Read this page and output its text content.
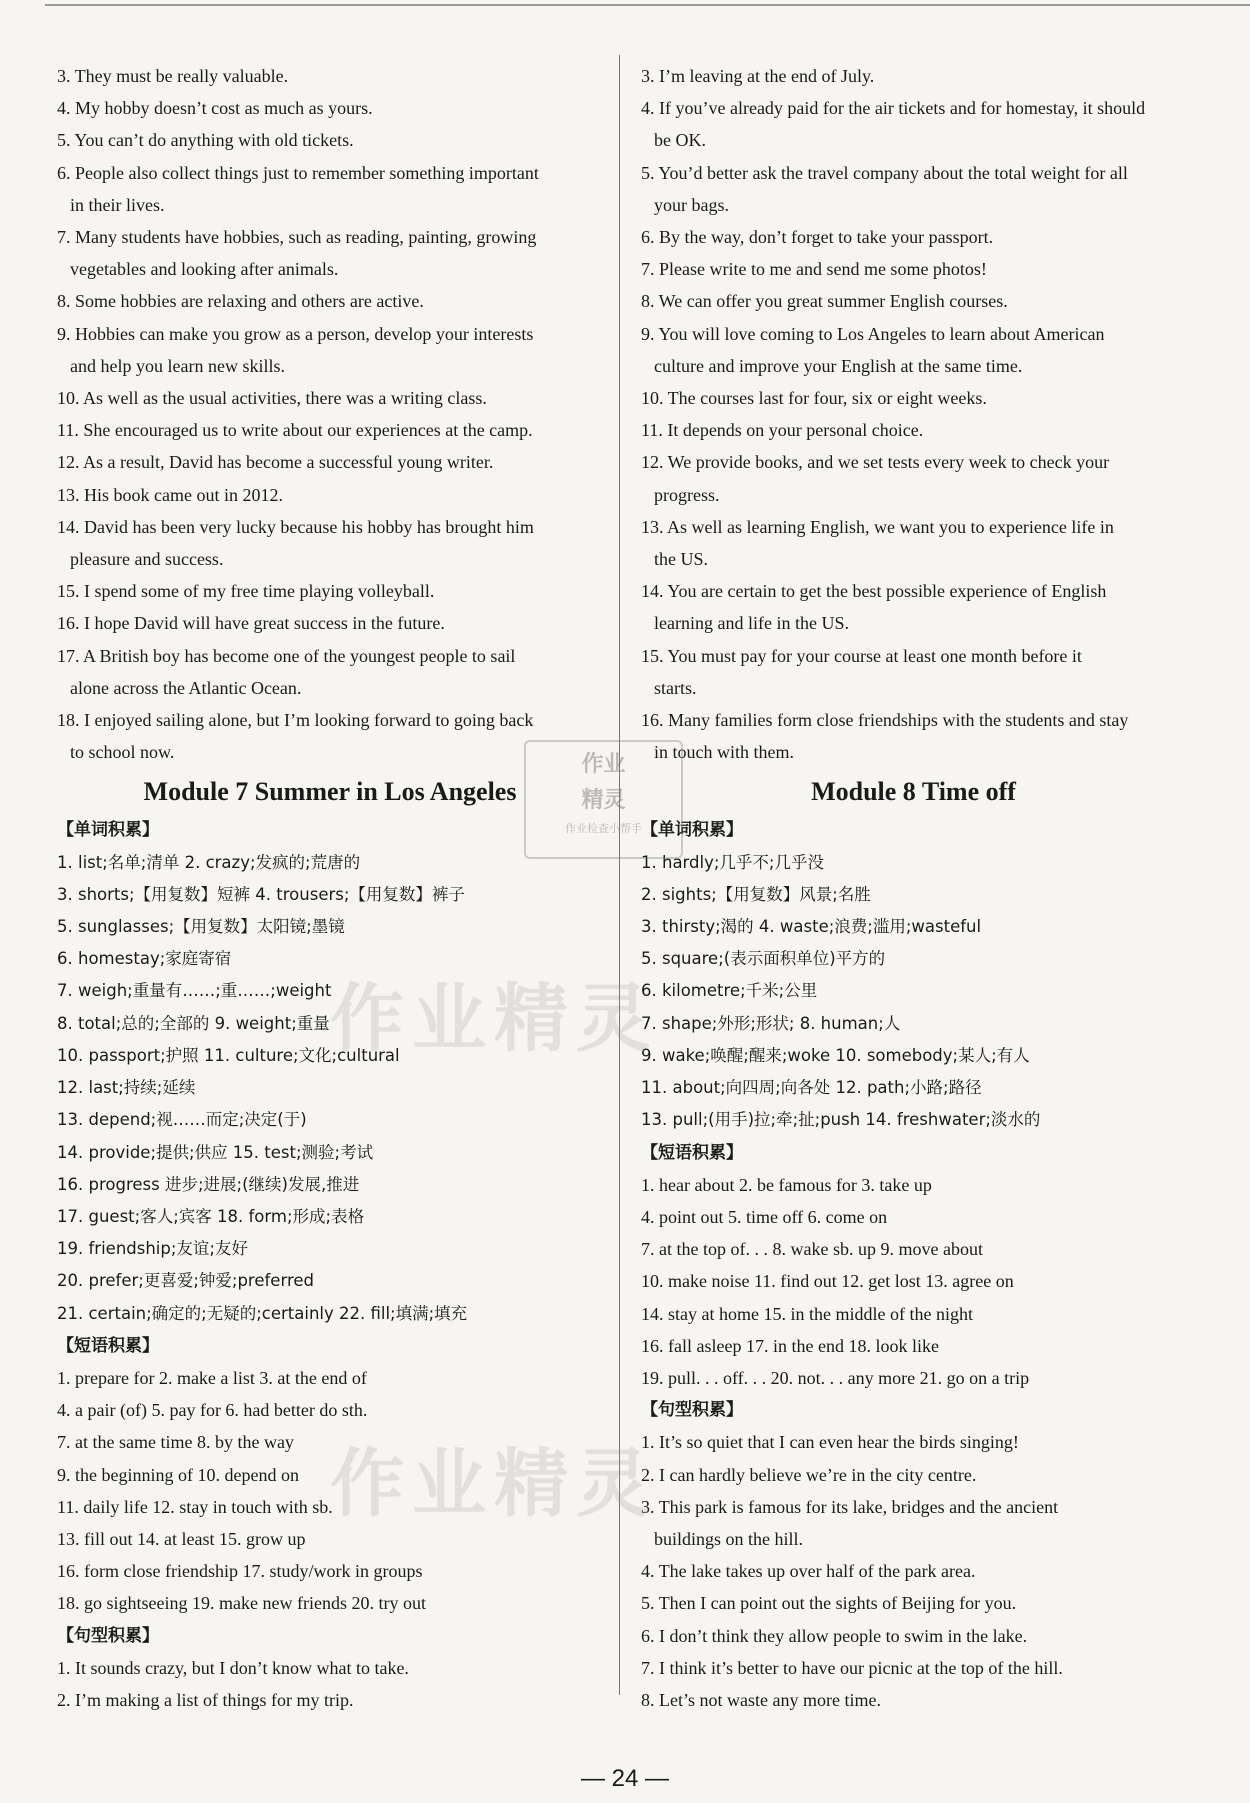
3. They must be really valuable.
4. My hobby doesn’t cost as much as yours.
5. You can’t do anything with old tickets.
6. People also collect things just to remember something important
in their lives.
7. Many students have hobbies, such as reading, painting, growing
vegetables and looking after animals.
8. Some hobbies are relaxing and others are active.
9. Hobbies can make you grow as a person, develop your interests
and help you learn new skills.
10. As well as the usual activities, there was a writing class.
11. She encouraged us to write about our experiences at the camp.
12. As a result, David has become a successful young writer.
13. His book came out in 2012.
14. David has been very lucky because his hobby has brought him
pleasure and success.
15. I spend some of my free time playing volleyball.
16. I hope David will have great success in the future.
17. A British boy has become one of the youngest people to sail
alone across the Atlantic Ocean.
18. I enjoyed sailing alone, but I’m looking forward to going back
to school now.
Module 7 Summer in Los Angeles
【单词积累】
1. list;名单;清单 2. crazy;发疯的;荒唐的
3. shorts;【用复数】短裤 4. trousers;【用复数】裤子
5. sunglasses;【用复数】太阳镜;墨镜
6. homestay;家庭寄宿
7. weigh;重量有……;重……;weight
8. total;总的;全部的 9. weight;重量
10. passport;护照 11. culture;文化;cultural
12. last;持续;延续
13. depend;视……而定;决定(于)
14. provide;提供;供应 15. test;测验;考试
16. progress 进步;进展;(继续)发展,推进
17. guest;客人;宾客 18. form;形成;表格
19. friendship;友谊;友好
20. prefer;更喜爱;钟爱;preferred
21. certain;确定的;无疑的;certainly 22. fill;填满;填充
【短语积累】
1. prepare for 2. make a list 3. at the end of
4. a pair (of) 5. pay for 6. had better do sth.
7. at the same time 8. by the way
9. the beginning of 10. depend on
11. daily life 12. stay in touch with sb.
13. fill out 14. at least 15. grow up
16. form close friendship 17. study/work in groups
18. go sightseeing 19. make new friends 20. try out
【句型积累】
1. It sounds crazy, but I don’t know what to take.
2. I’m making a list of things for my trip.
3. I’m leaving at the end of July.
4. If you’ve already paid for the air tickets and for homestay, it should
be OK.
5. You’d better ask the travel company about the total weight for all
your bags.
6. By the way, don’t forget to take your passport.
7. Please write to me and send me some photos!
8. We can offer you great summer English courses.
9. You will love coming to Los Angeles to learn about American
culture and improve your English at the same time.
10. The courses last for four, six or eight weeks.
11. It depends on your personal choice.
12. We provide books, and we set tests every week to check your
progress.
13. As well as learning English, we want you to experience life in
the US.
14. You are certain to get the best possible experience of English
learning and life in the US.
15. You must pay for your course at least one month before it
starts.
16. Many families form close friendships with the students and stay
in touch with them.
Module 8 Time off
【单词积累】
1. hardly;几乎不;几乎没
2. sights;【用复数】风景;名胜
3. thirsty;渴的 4. waste;浪费;滥用;wasteful
5. square;(表示面积单位)平方的
6. kilometre;千米;公里
7. shape;外形;形状; 8. human;人
9. wake;唤醒;醒来;woke 10. somebody;某人;有人
11. about;向四周;向各处 12. path;小路;路径
13. pull;(用手)拉;牵;扯;push 14. freshwater;淡水的
【短语积累】
1. hear about 2. be famous for 3. take up
4. point out 5. time off 6. come on
7. at the top of. . . 8. wake sb. up 9. move about
10. make noise 11. find out 12. get lost 13. agree on
14. stay at home 15. in the middle of the night
16. fall asleep 17. in the end 18. look like
19. pull. . . off. . . 20. not. . . any more 21. go on a trip
【句型积累】
1. It’s so quiet that I can even hear the birds singing!
2. I can hardly believe we’re in the city centre.
3. This park is famous for its lake, bridges and the ancient
buildings on the hill.
4. The lake takes up over half of the park area.
5. Then I can point out the sights of Beijing for you.
6. I don’t think they allow people to swim in the lake.
7. I think it’s better to have our picnic at the top of the hill.
8. Let’s not waste any more time.
作业
精灵
作业检查小帮手
作业精灵
作业精灵
— 24 —
